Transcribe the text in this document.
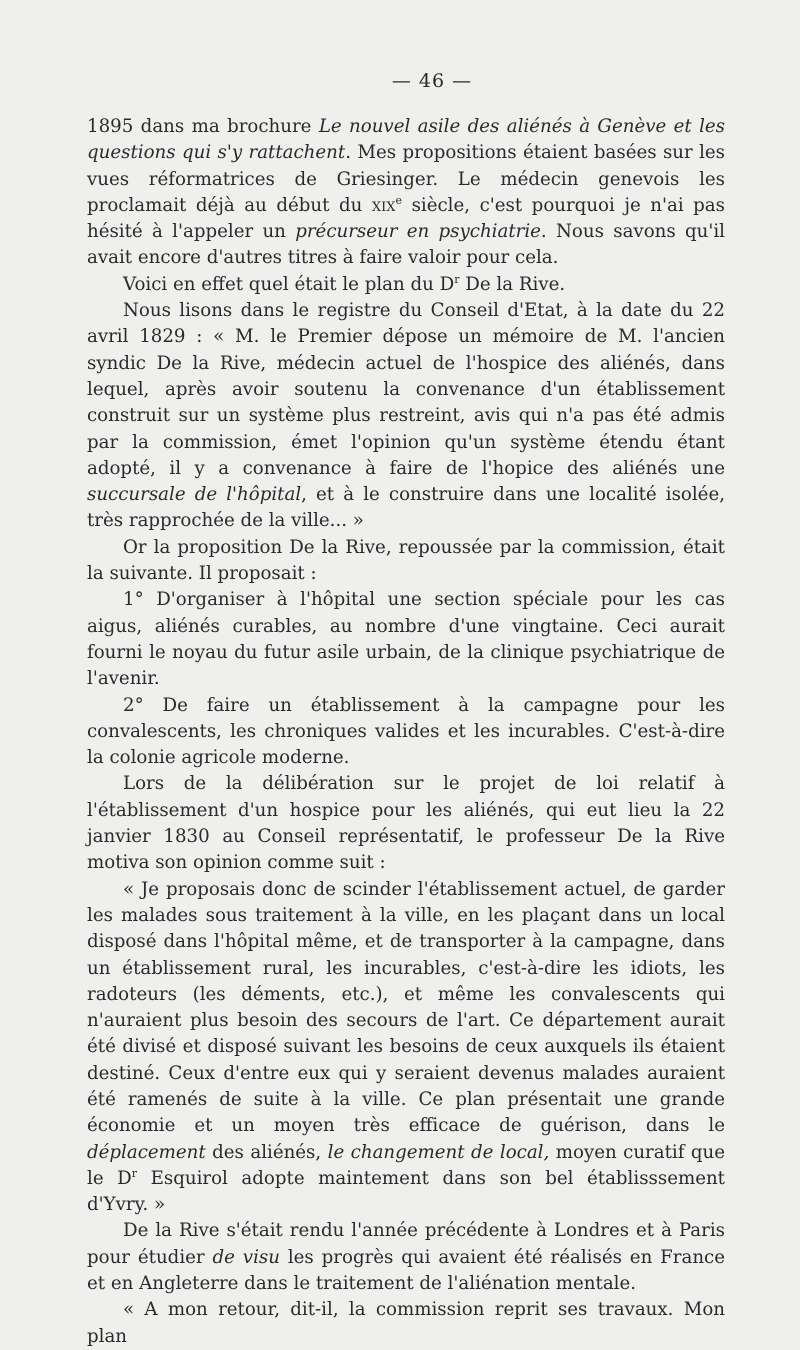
— 46 —

1895 dans ma brochure Le nouvel asile des aliénés à Genève et les questions qui s'y rattachent. Mes propositions étaient basées sur les vues réformatrices de Griesinger. Le médecin genevois les proclamait déjà au début du xix$^e$ siècle, c'est pourquoi je n'ai pas hésité à l'appeler un précurseur en psychiatrie. Nous savons qu'il avait encore d'autres titres à faire valoir pour cela.

Voici en effet quel était le plan du $D^r$ De la Rive.

Nous lisons dans le registre du Conseil d'Etat, à la date du 22 avril 1829 : « M. le Premier dépose un mémoire de M. l'ancien syndic De la Rive, médecin actuel de l'hospice des aliénés, dans lequel, après avoir soutenu la convenance d'un établissement construit sur un système plus restreint, avis qui n'a pas été admis par la commission, émet l'opinion qu'un système étendu étant adopté, il y a convenance à faire de l'hopice des aliénés une succursale de l'hôpital, et à le construire dans une localité isolée, très rapprochée de la ville... »

Or la proposition De la Rive, repoussée par la commission, était la suivante. Il proposait :

1° D'organiser à l'hôpital une section spéciale pour les cas aigus, aliénés curables, au nombre d'une vingtaine. Ceci aurait fourni le noyau du futur asile urbain, de la clinique psychiatrique de l'avenir.

2° De faire un établissement à la campagne pour les convalescents, les chroniques valides et les incurables. C'est-à-dire la colonie agricole moderne.

Lors de la délibération sur le projet de loi relatif à l'établissement d'un hospice pour les aliénés, qui eut lieu la 22 janvier 1830 au Conseil représentatif, le professeur De la Rive motiva son opinion comme suit :

« Je proposais donc de scinder l'établissement actuel, de garder les malades sous traitement à la ville, en les plaçant dans un local disposé dans l'hôpital même, et de transporter à la campagne, dans un établissement rural, les incurables, c'est-à-dire les idiots, les radoteurs (les déments, etc.), et même les convalescents qui n'auraient plus besoin des secours de l'art. Ce département aurait été divisé et disposé suivant les besoins de ceux auxquels ils étaient destiné. Ceux d'entre eux qui y seraient devenus malades auraient été ramenés de suite à la ville. Ce plan présentait une grande économie et un moyen très efficace de guérison, dans le déplacement des aliénés, le changement de local, moyen curatif que le $D^r$ Esquirol adopte maintement dans son bel établisssement d'Yvry. »

De la Rive s'était rendu l'année précédente à Londres et à Paris pour étudier de visu les progrès qui avaient été réalisés en France et en Angleterre dans le traitement de l'aliénation mentale.

« A mon retour, dit-il, la commission reprit ses travaux. Mon plan
